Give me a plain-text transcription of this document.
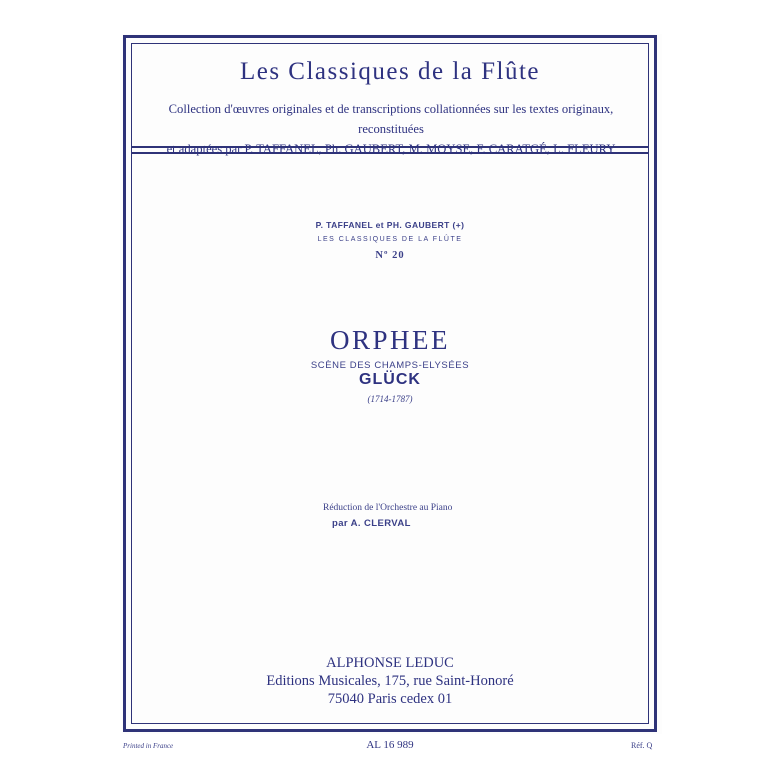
Les Classiques de la Flûte
Collection d'œuvres originales et de transcriptions collationnées sur les textes originaux, reconstituées
et adaptées par P. TAFFANEL, Ph. GAUBERT, M. MOYSE, F. CARATGÉ, L. FLEURY
P. TAFFANEL et PH. GAUBERT (+)
LES CLASSIQUES DE LA FLÛTE
Nº 20
ORPHEE
SCÈNE DES CHAMPS-ELYSÉES
GLÜCK
(1714-1787)
Réduction de l'Orchestre au Piano
par A. CLERVAL
ALPHONSE LEDUC
Editions Musicales, 175, rue Saint-Honoré
75040 Paris cedex 01
Printed in France	AL 16 989	Réf. Q
